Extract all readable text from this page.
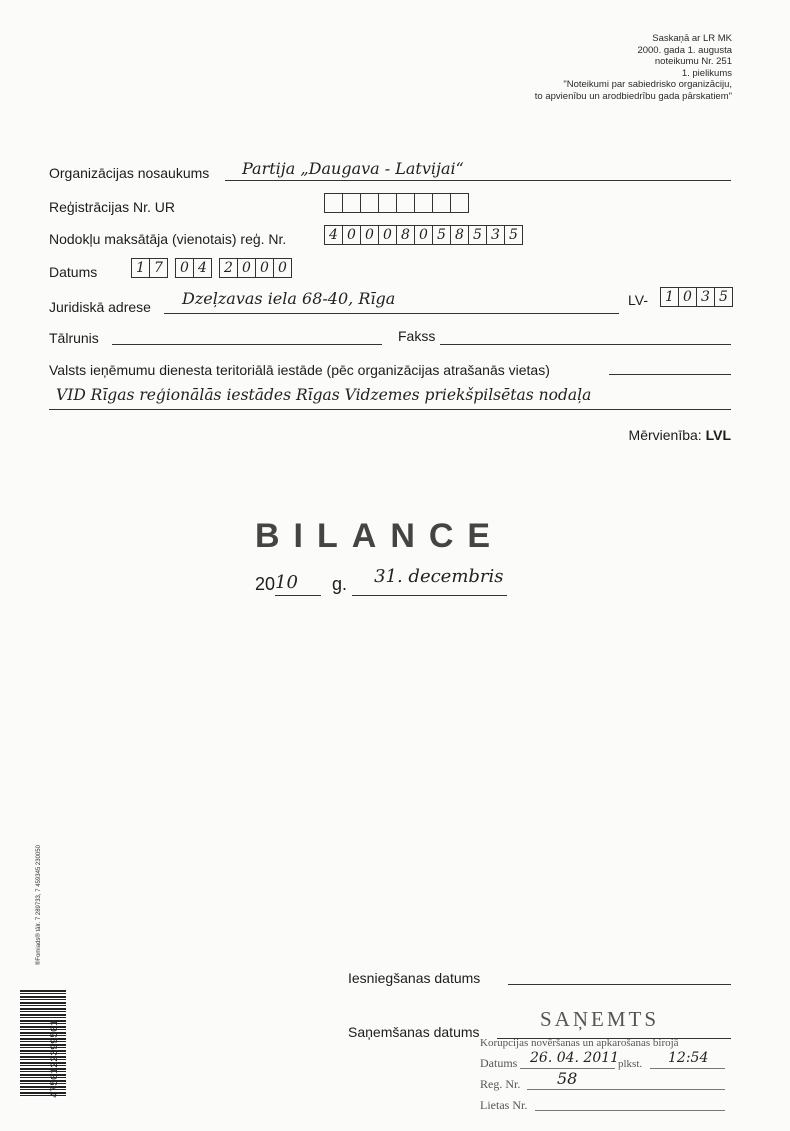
Saskaņā ar LR MK
2000. gada 1. augusta
noteikumu Nr. 251
1. pielikums
"Noteikumi par sabiedrisko organizāciju,
to apvienību un arodbiedrību gada pārskatiem"
Organizācijas nosaukums Partija „Daugava - Latvijai“
Reģistrācijas Nr. UR
Nodokļu maksātāja (vienotais) reģ. Nr.	4 0 0 0 8 0 5 8 5 3 5
Datums	1 7	0 4	2 0 0 0
Juridiskā adrese Dzeļzavas iela 68-40, Rīga	LV-	1 0 3 5
Tālrunis	Fakss
Valsts ieņēmumu dienesta teritoriālā iestāde (pēc organizācijas atrašanās vietas)
VID Rīgas reģionālās iestādes Rīgas Vidzemes priekšpilsētas nodaļa
Mērvienība: LVL
BILANCE
20 10 g. 31. decembris

®Fomiads® tālr. 7 289733, 7 459345 230050
4750122399501
Iesniegšanas datums
Saņemšanas datums
SAŅEMTS
Korupcijas novēršanas un apkarošanas birojā
Datums 26. 04. 2011
plkst. 12:54
Reg. Nr. 58
Lietas Nr.
